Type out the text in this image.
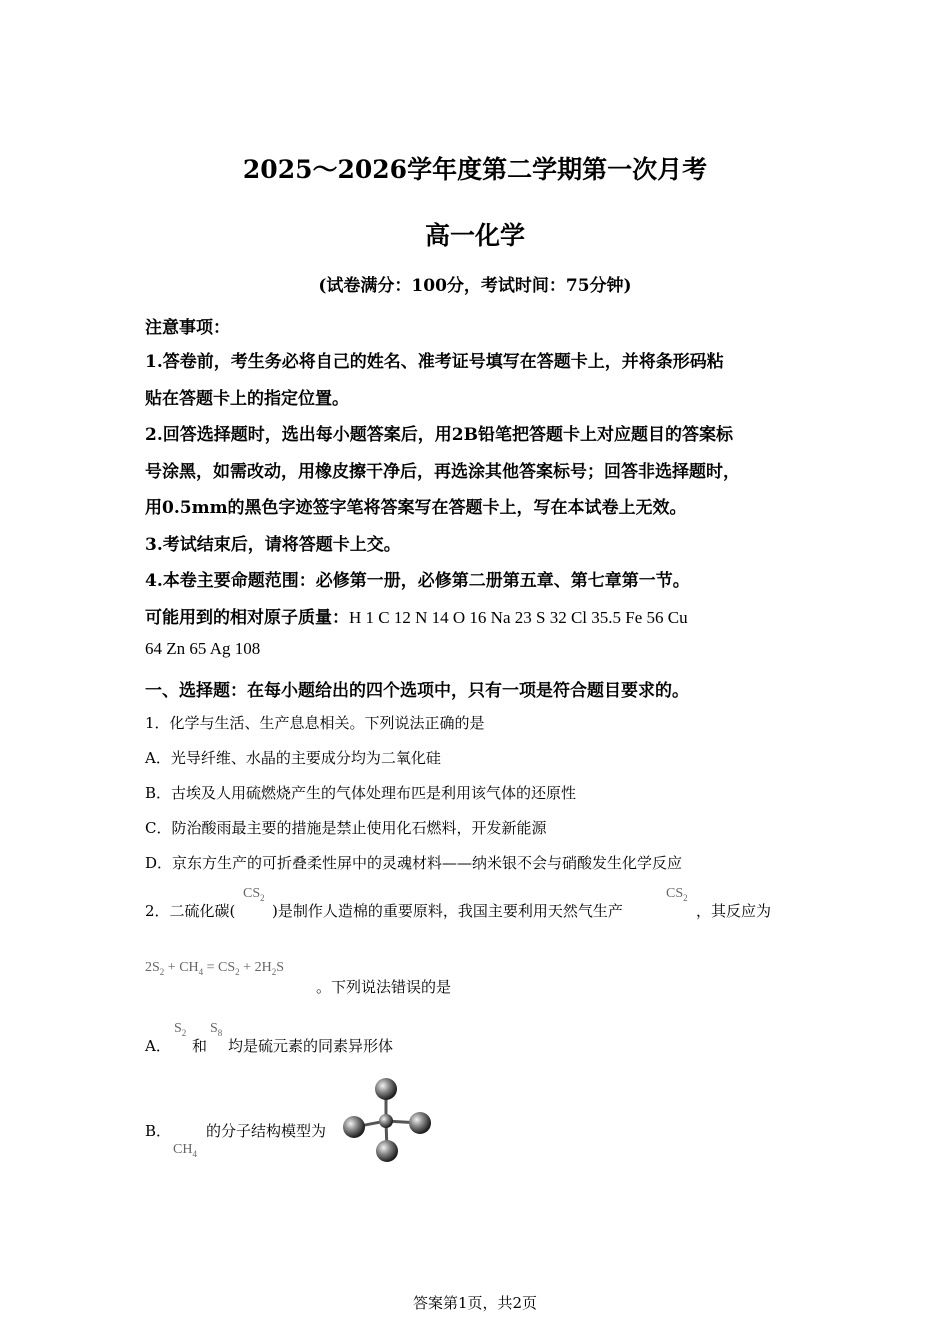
2025～2026学年度第二学期第一次月考
高一化学
(试卷满分：100分，考试时间：75分钟)
注意事项：
1.答卷前，考生务必将自己的姓名、准考证号填写在答题卡上，并将条形码粘
贴在答题卡上的指定位置。
2.回答选择题时，选出每小题答案后，用2B铅笔把答题卡上对应题目的答案标
号涂黑，如需改动，用橡皮擦干净后，再选涂其他答案标号；回答非选择题时，
用0.5mm的黑色字迹签字笔将答案写在答题卡上，写在本试卷上无效。
3.考试结束后，请将答题卡上交。
4.本卷主要命题范围：必修第一册，必修第二册第五章、第七章第一节。
可能用到的相对原子质量：H 1 C 12 N 14 O 16 Na 23 S 32 Cl 35.5 Fe 56 Cu
64 Zn 65 Ag 108
一、选择题：在每小题给出的四个选项中，只有一项是符合题目要求的。
1．化学与生活、生产息息相关。下列说法正确的是
A．光导纤维、水晶的主要成分均为二氧化硅
B．古埃及人用硫燃烧产生的气体处理布匹是利用该气体的还原性
C．防治酸雨最主要的措施是禁止使用化石燃料，开发新能源
D．京东方生产的可折叠柔性屏中的灵魂材料——纳米银不会与硝酸发生化学反应
2．二硫化碳(
$CS_2$
)是制作人造棉的重要原料，我国主要利用天然气生产
$CS_2$
，其反应为
$2S_2 + CH_4 = CS_2 + 2H_2S$
。下列说法错误的是
A．
$S_2$
和
$S_8$
均是硫元素的同素异形体
B． 的分子结构模型为
$CH_4$
答案第1页，共2页
